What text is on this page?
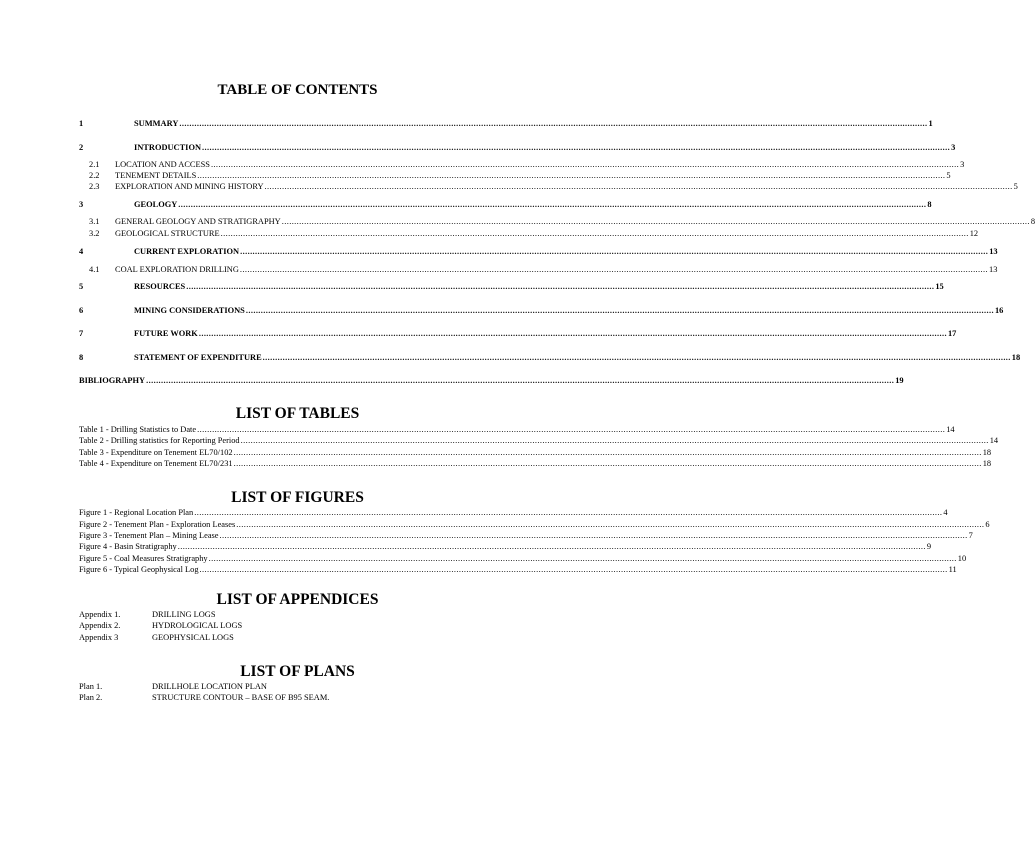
TABLE OF CONTENTS
1	SUMMARY ............................................................................................................................................................................................................................................................................................................ 1
2	INTRODUCTION ............................................................................................................................................................................................................................................................................................................ 3
2.1	LOCATION AND ACCESS ............................................................................................................................................................................................................................................................................................................ 3
2.2	TENEMENT DETAILS ............................................................................................................................................................................................................................................................................................................ 5
2.3	EXPLORATION AND MINING HISTORY ............................................................................................................................................................................................................................................................................................................ 5
3	GEOLOGY ............................................................................................................................................................................................................................................................................................................ 8
3.1	GENERAL GEOLOGY AND STRATIGRAPHY ............................................................................................................................................................................................................................................................................................................ 8
3.2	GEOLOGICAL STRUCTURE ............................................................................................................................................................................................................................................................................................................ 12
4	CURRENT EXPLORATION ............................................................................................................................................................................................................................................................................................................ 13
4.1	COAL EXPLORATION DRILLING ............................................................................................................................................................................................................................................................................................................ 13
5	RESOURCES ............................................................................................................................................................................................................................................................................................................ 15
6	MINING CONSIDERATIONS ............................................................................................................................................................................................................................................................................................................ 16
7	FUTURE WORK ............................................................................................................................................................................................................................................................................................................ 17
8	STATEMENT OF EXPENDITURE ............................................................................................................................................................................................................................................................................................................ 18
BIBLIOGRAPHY ............................................................................................................................................................................................................................................................................................................ 19
LIST OF TABLES
Table 1 - Drilling Statistics to Date ............................................................................................................................................................................................................................................................................................................ 14
Table 2 - Drilling statistics for Reporting Period ............................................................................................................................................................................................................................................................................................................ 14
Table 3 - Expenditure on Tenement EL70/102 ............................................................................................................................................................................................................................................................................................................ 18
Table 4 - Expenditure on Tenement EL70/231 ............................................................................................................................................................................................................................................................................................................ 18
LIST OF FIGURES
Figure 1 - Regional Location Plan ............................................................................................................................................................................................................................................................................................................ 4
Figure 2 - Tenement Plan - Exploration Leases ............................................................................................................................................................................................................................................................................................................ 6
Figure 3 - Tenement Plan – Mining Lease ............................................................................................................................................................................................................................................................................................................ 7
Figure 4 - Basin Stratigraphy ............................................................................................................................................................................................................................................................................................................ 9
Figure 5 - Coal Measures Stratigraphy ............................................................................................................................................................................................................................................................................................................ 10
Figure 6 - Typical Geophysical Log ............................................................................................................................................................................................................................................................................................................ 11
LIST OF APPENDICES
Appendix 1.	DRILLING LOGS
Appendix 2.	HYDROLOGICAL LOGS
Appendix 3	GEOPHYSICAL LOGS
LIST OF PLANS
Plan 1.	DRILLHOLE LOCATION PLAN
Plan 2.	STRUCTURE CONTOUR – BASE OF B95 SEAM.
